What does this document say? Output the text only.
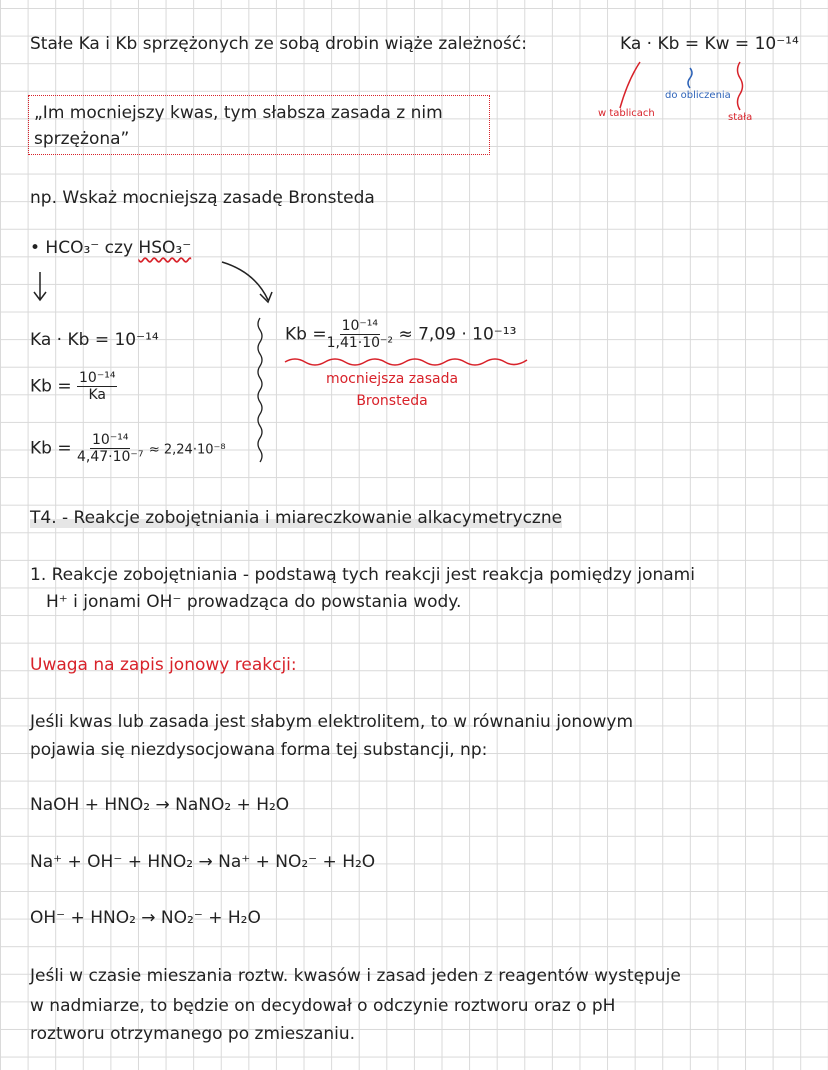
Stałe Ka i Kb sprzężonych ze sobą drobin wiąże zależność:	Ka · Kb = Kw = 10⁻¹⁴
w tablicach
do obliczenia
stała
„Im mocniejszy kwas, tym słabsza zasada z nim sprzężona”
np. Wskaż mocniejszą zasadę Bronsteda
• HCO₃⁻ czy HSO₃⁻
Ka · Kb = 10⁻¹⁴
$Kb = \frac{\text{10⁻¹⁴}}{Ka}$
$Kb = \frac{\text{10⁻¹⁴}}{\text{4,47·10⁻⁷}} \approx 2,24\cdot 10^{-8}$
$Kb = \frac{\text{10⁻¹⁴}}{\text{1,41·10⁻²}} \approx 7,09 \cdot 10^{-13}$
mocniejsza zasada Bronsteda
T4. - Reakcje zobojętniania i miareczkowanie alkacymetryczne
1. Reakcje zobojętniania - podstawą tych reakcji jest reakcja pomiędzy jonami
H⁺ i jonami OH⁻ prowadząca do powstania wody.
Uwaga na zapis jonowy reakcji:
Jeśli kwas lub zasada jest słabym elektrolitem, to w równaniu jonowym
pojawia się niezdysocjowana forma tej substancji, np:
NaOH + HNO₂ → NaNO₂ + H₂O
Na⁺ + OH⁻ + HNO₂ → Na⁺ + NO₂⁻ + H₂O
OH⁻ + HNO₂ → NO₂⁻ + H₂O
Jeśli w czasie mieszania roztw. kwasów i zasad jeden z reagentów występuje
w nadmiarze, to będzie on decydował o odczynie roztworu oraz o pH
roztworu otrzymanego po zmieszaniu.
